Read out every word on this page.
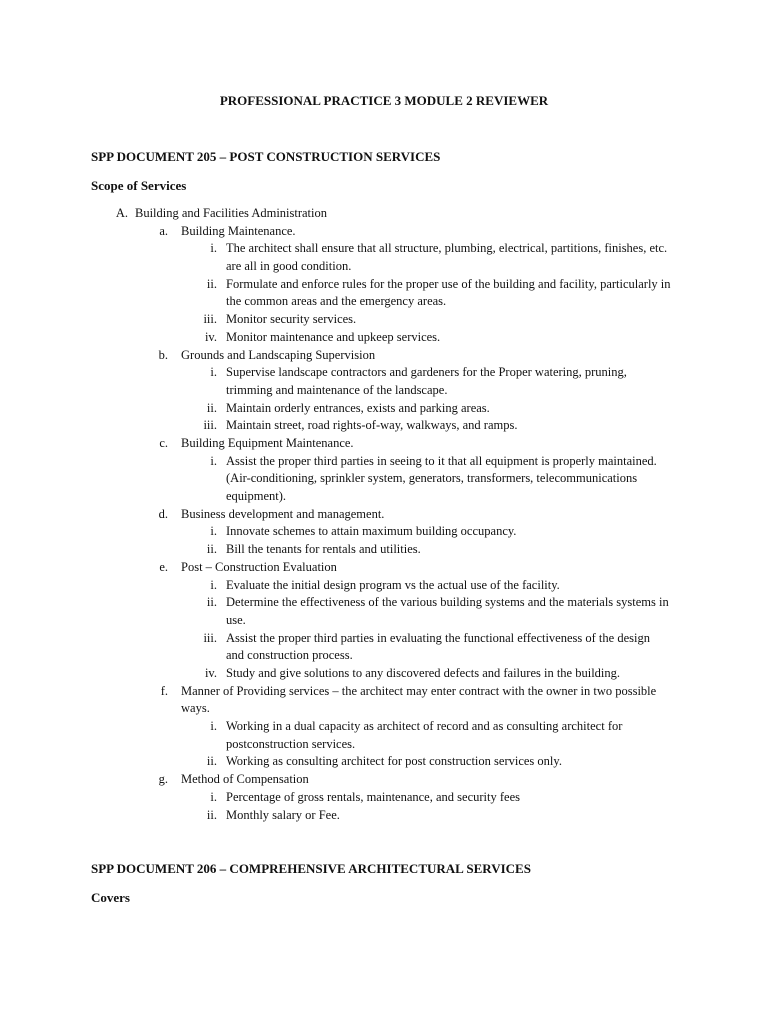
PROFESSIONAL PRACTICE 3 MODULE 2 REVIEWER
SPP DOCUMENT 205 – POST CONSTRUCTION SERVICES
Scope of Services
A. Building and Facilities Administration
a. Building Maintenance.
i. The architect shall ensure that all structure, plumbing, electrical, partitions, finishes, etc. are all in good condition.
ii. Formulate and enforce rules for the proper use of the building and facility, particularly in the common areas and the emergency areas.
iii. Monitor security services.
iv. Monitor maintenance and upkeep services.
b. Grounds and Landscaping Supervision
i. Supervise landscape contractors and gardeners for the Proper watering, pruning, trimming and maintenance of the landscape.
ii. Maintain orderly entrances, exists and parking areas.
iii. Maintain street, road rights-of-way, walkways, and ramps.
c. Building Equipment Maintenance.
i. Assist the proper third parties in seeing to it that all equipment is properly maintained. (Air-conditioning, sprinkler system, generators, transformers, telecommunications equipment).
d. Business development and management.
i. Innovate schemes to attain maximum building occupancy.
ii. Bill the tenants for rentals and utilities.
e. Post – Construction Evaluation
i. Evaluate the initial design program vs the actual use of the facility.
ii. Determine the effectiveness of the various building systems and the materials systems in use.
iii. Assist the proper third parties in evaluating the functional effectiveness of the design and construction process.
iv. Study and give solutions to any discovered defects and failures in the building.
f. Manner of Providing services – the architect may enter contract with the owner in two possible ways.
i. Working in a dual capacity as architect of record and as consulting architect for postconstruction services.
ii. Working as consulting architect for post construction services only.
g. Method of Compensation
i. Percentage of gross rentals, maintenance, and security fees
ii. Monthly salary or Fee.
SPP DOCUMENT 206 – COMPREHENSIVE ARCHITECTURAL SERVICES
Covers
